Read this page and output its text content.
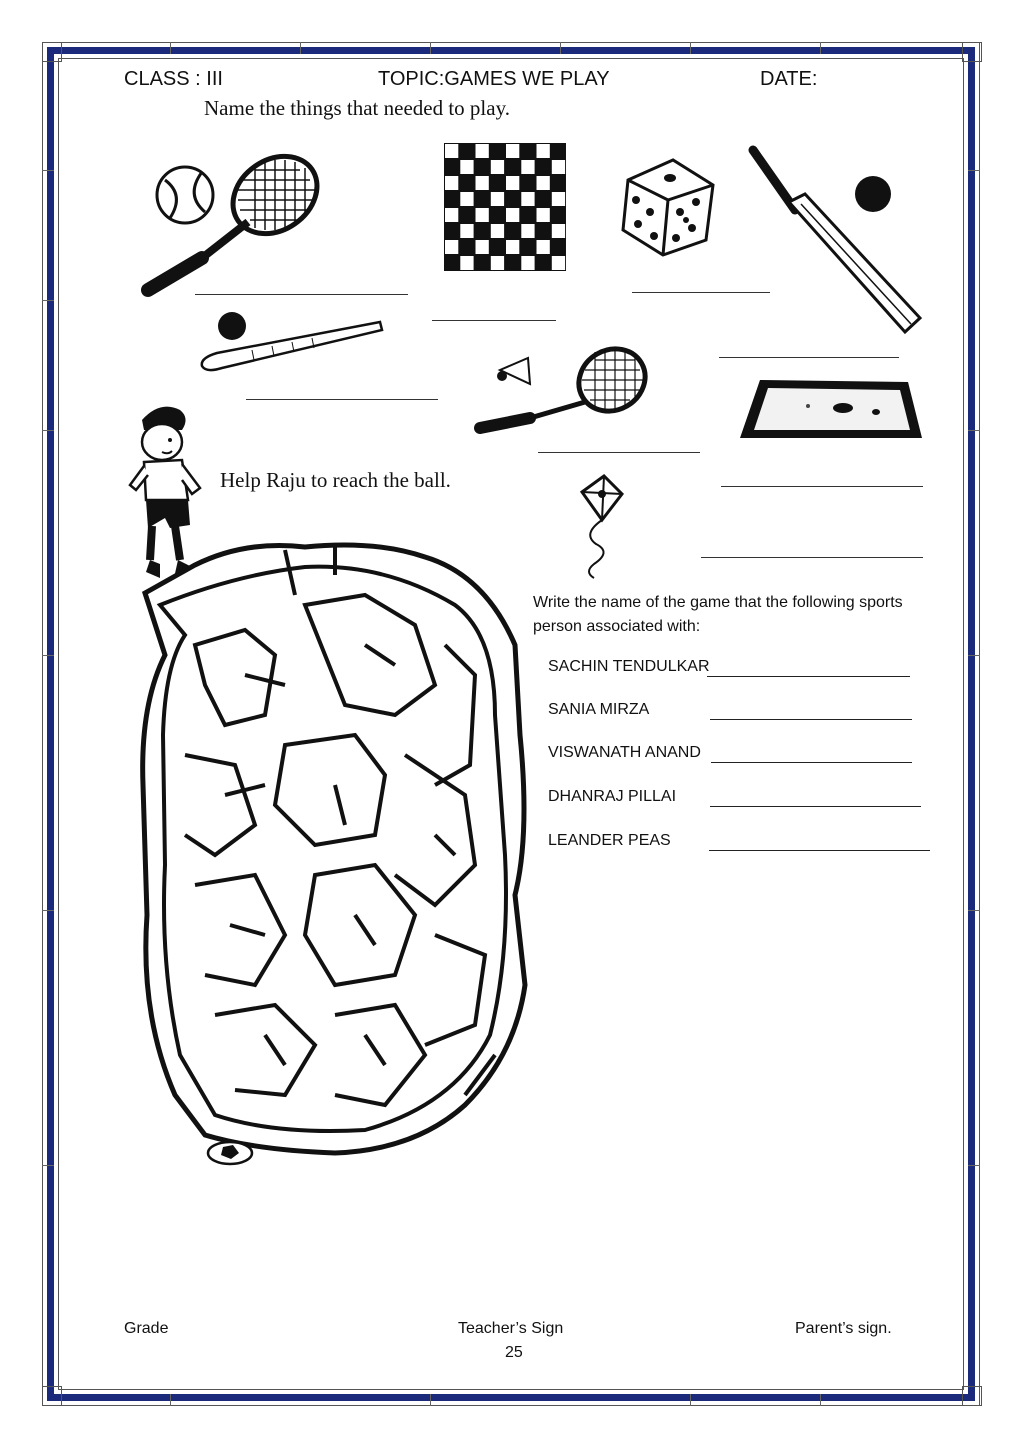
CLASS : III	TOPIC:GAMES WE PLAY	DATE:
Name the things that needed to play.
Help Raju to reach the ball.
Write the name of the game that the following sports person associated with:
SACHIN TENDULKAR
SANIA MIRZA
VISWANATH ANAND
DHANRAJ PILLAI
LEANDER PEAS
Grade	Teacher’s Sign	Parent’s sign.
25
